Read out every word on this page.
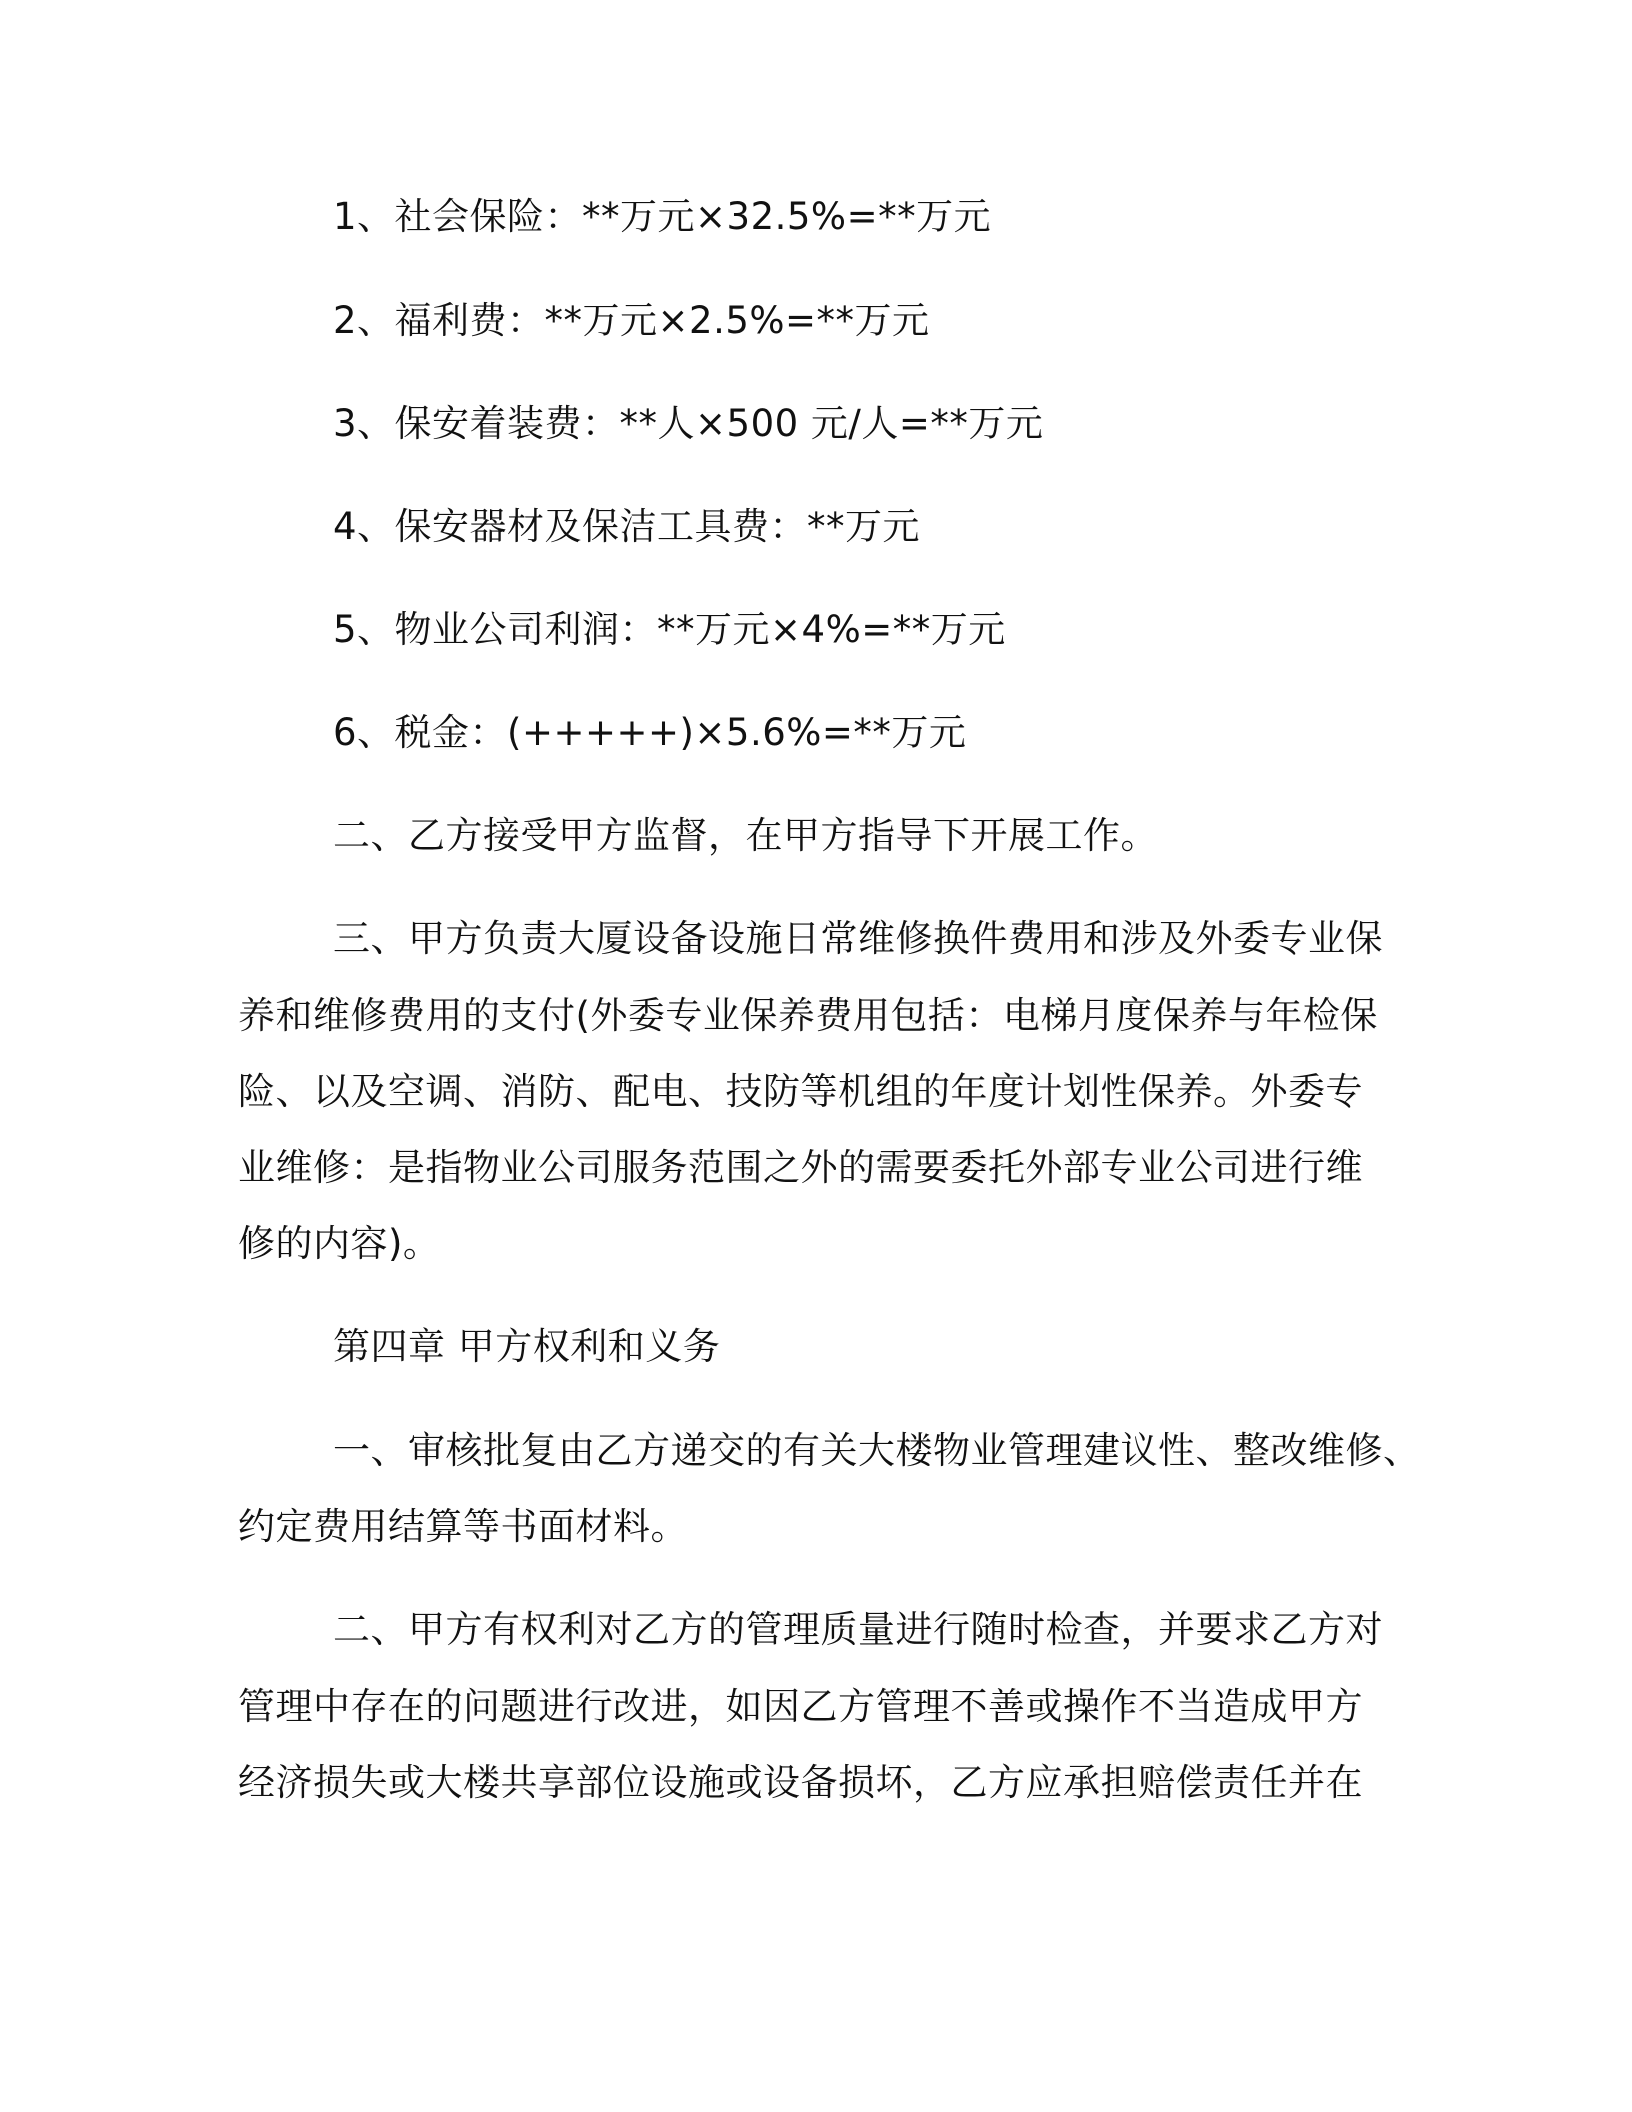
1、社会保险：**万元×32.5%=**万元
2、福利费：**万元×2.5%=**万元
3、保安着装费：**人×500 元/人=**万元
4、保安器材及保洁工具费：**万元
5、物业公司利润：**万元×4%=**万元
6、税金：(+++++)×5.6%=**万元
二、乙方接受甲方监督，在甲方指导下开展工作。
三、甲方负责大厦设备设施日常维修换件费用和涉及外委专业保
养和维修费用的支付(外委专业保养费用包括：电梯月度保养与年检保
险、以及空调、消防、配电、技防等机组的年度计划性保养。外委专
业维修：是指物业公司服务范围之外的需要委托外部专业公司进行维
修的内容)。
第四章 甲方权利和义务
一、审核批复由乙方递交的有关大楼物业管理建议性、整改维修、
约定费用结算等书面材料。
二、甲方有权利对乙方的管理质量进行随时检查，并要求乙方对
管理中存在的问题进行改进，如因乙方管理不善或操作不当造成甲方
经济损失或大楼共享部位设施或设备损坏，乙方应承担赔偿责任并在
